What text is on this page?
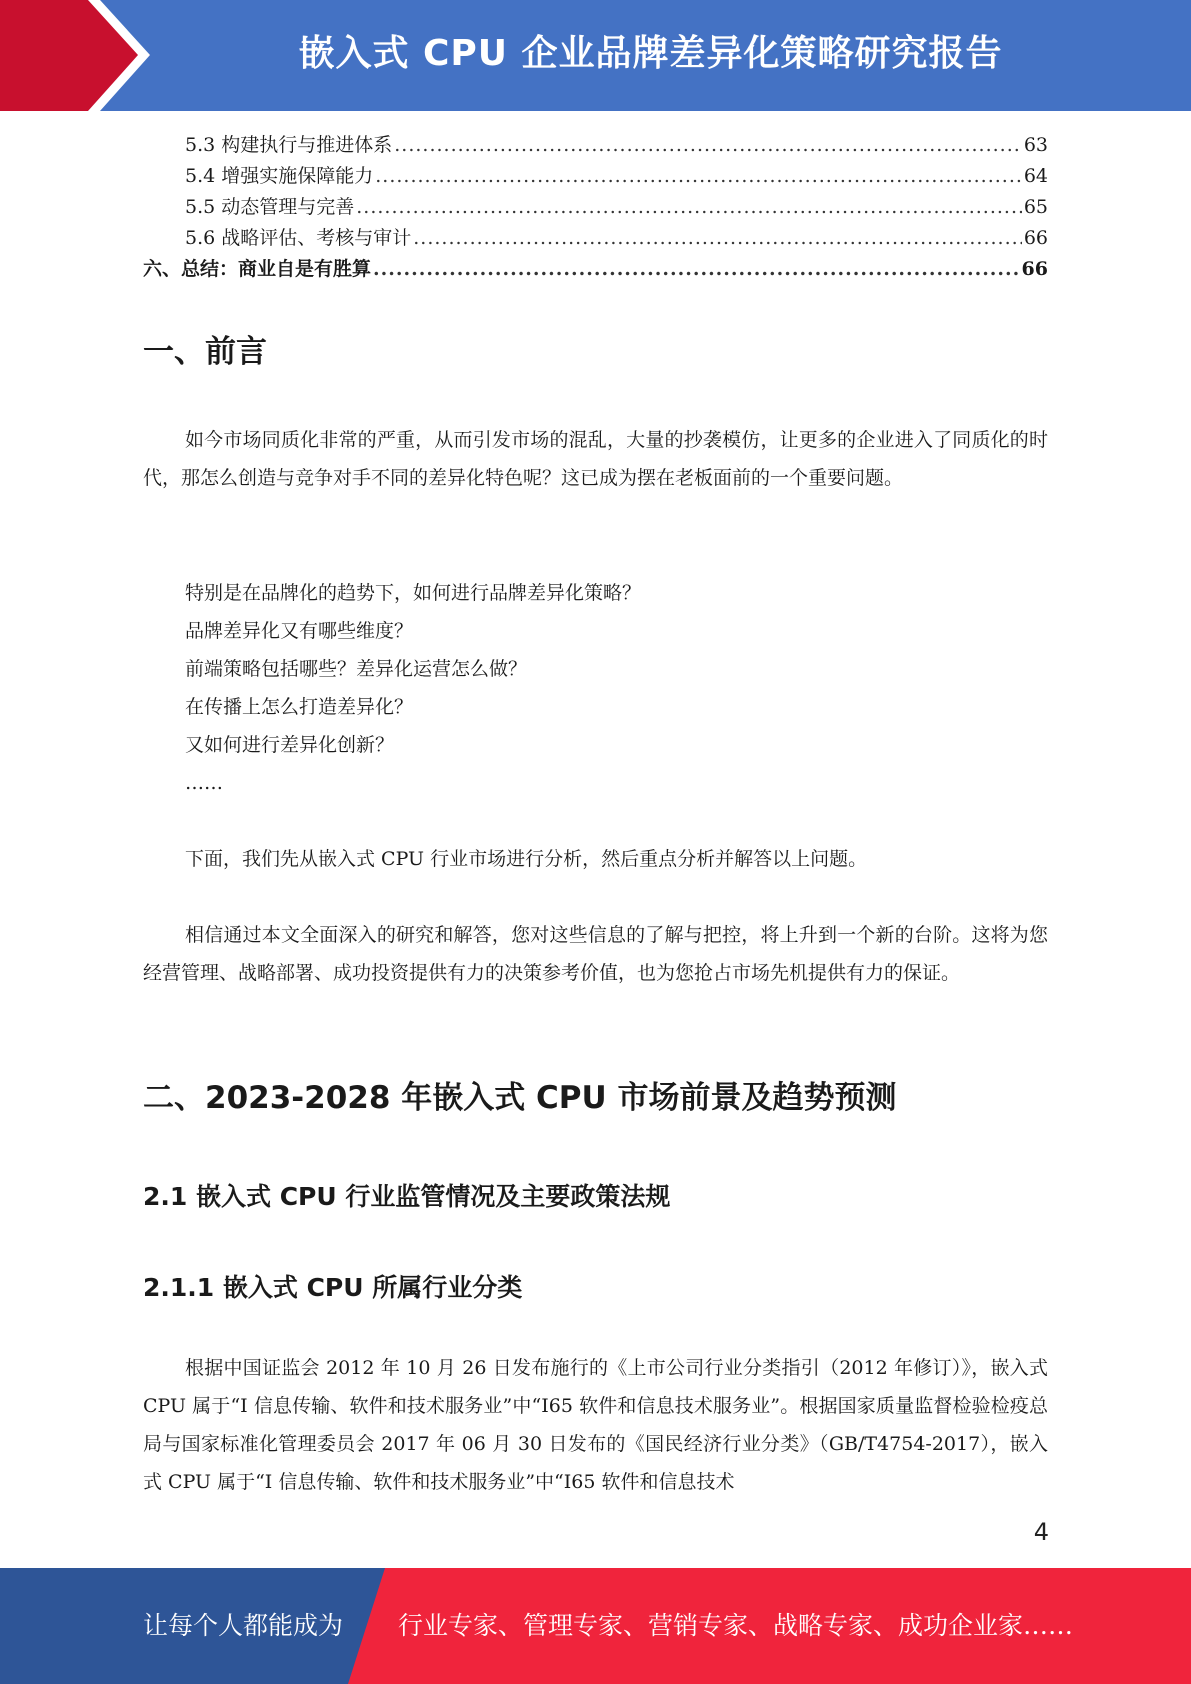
嵌入式 CPU 企业品牌差异化策略研究报告
5.3 构建执行与推进体系 .....	63
5.4 增强实施保障能力 .....	64
5.5 动态管理与完善 .....	65
5.6 战略评估、考核与审计 .....	66
六、总结：商业自是有胜算 .....	66
一、前言

如今市场同质化非常的严重，从而引发市场的混乱，大量的抄袭模仿，让更多的企业进入了同质化的时代，那怎么创造与竞争对手不同的差异化特色呢？这已成为摆在老板面前的一个重要问题。

特别是在品牌化的趋势下，如何进行品牌差异化策略？
品牌差异化又有哪些维度？
前端策略包括哪些？差异化运营怎么做？
在传播上怎么打造差异化？
又如何进行差异化创新？
……

下面，我们先从嵌入式 CPU 行业市场进行分析，然后重点分析并解答以上问题。

相信通过本文全面深入的研究和解答，您对这些信息的了解与把控，将上升到一个新的台阶。这将为您经营管理、战略部署、成功投资提供有力的决策参考价值，也为您抢占市场先机提供有力的保证。

二、2023-2028 年嵌入式 CPU 市场前景及趋势预测
2.1 嵌入式 CPU 行业监管情况及主要政策法规
2.1.1 嵌入式 CPU 所属行业分类

根据中国证监会 2012 年 10 月 26 日发布施行的《上市公司行业分类指引（2012 年修订）》，嵌入式 CPU 属于“I 信息传输、软件和技术服务业”中“I65 软件和信息技术服务业”。根据国家质量监督检验检疫总局与国家标准化管理委员会 2017 年 06 月 30 日发布的《国民经济行业分类》（GB/T4754-2017），嵌入式 CPU 属于“I 信息传输、软件和技术服务业”中“I65 软件和信息技术

4
让每个人都能成为 行业专家、管理专家、营销专家、战略专家、成功企业家……
